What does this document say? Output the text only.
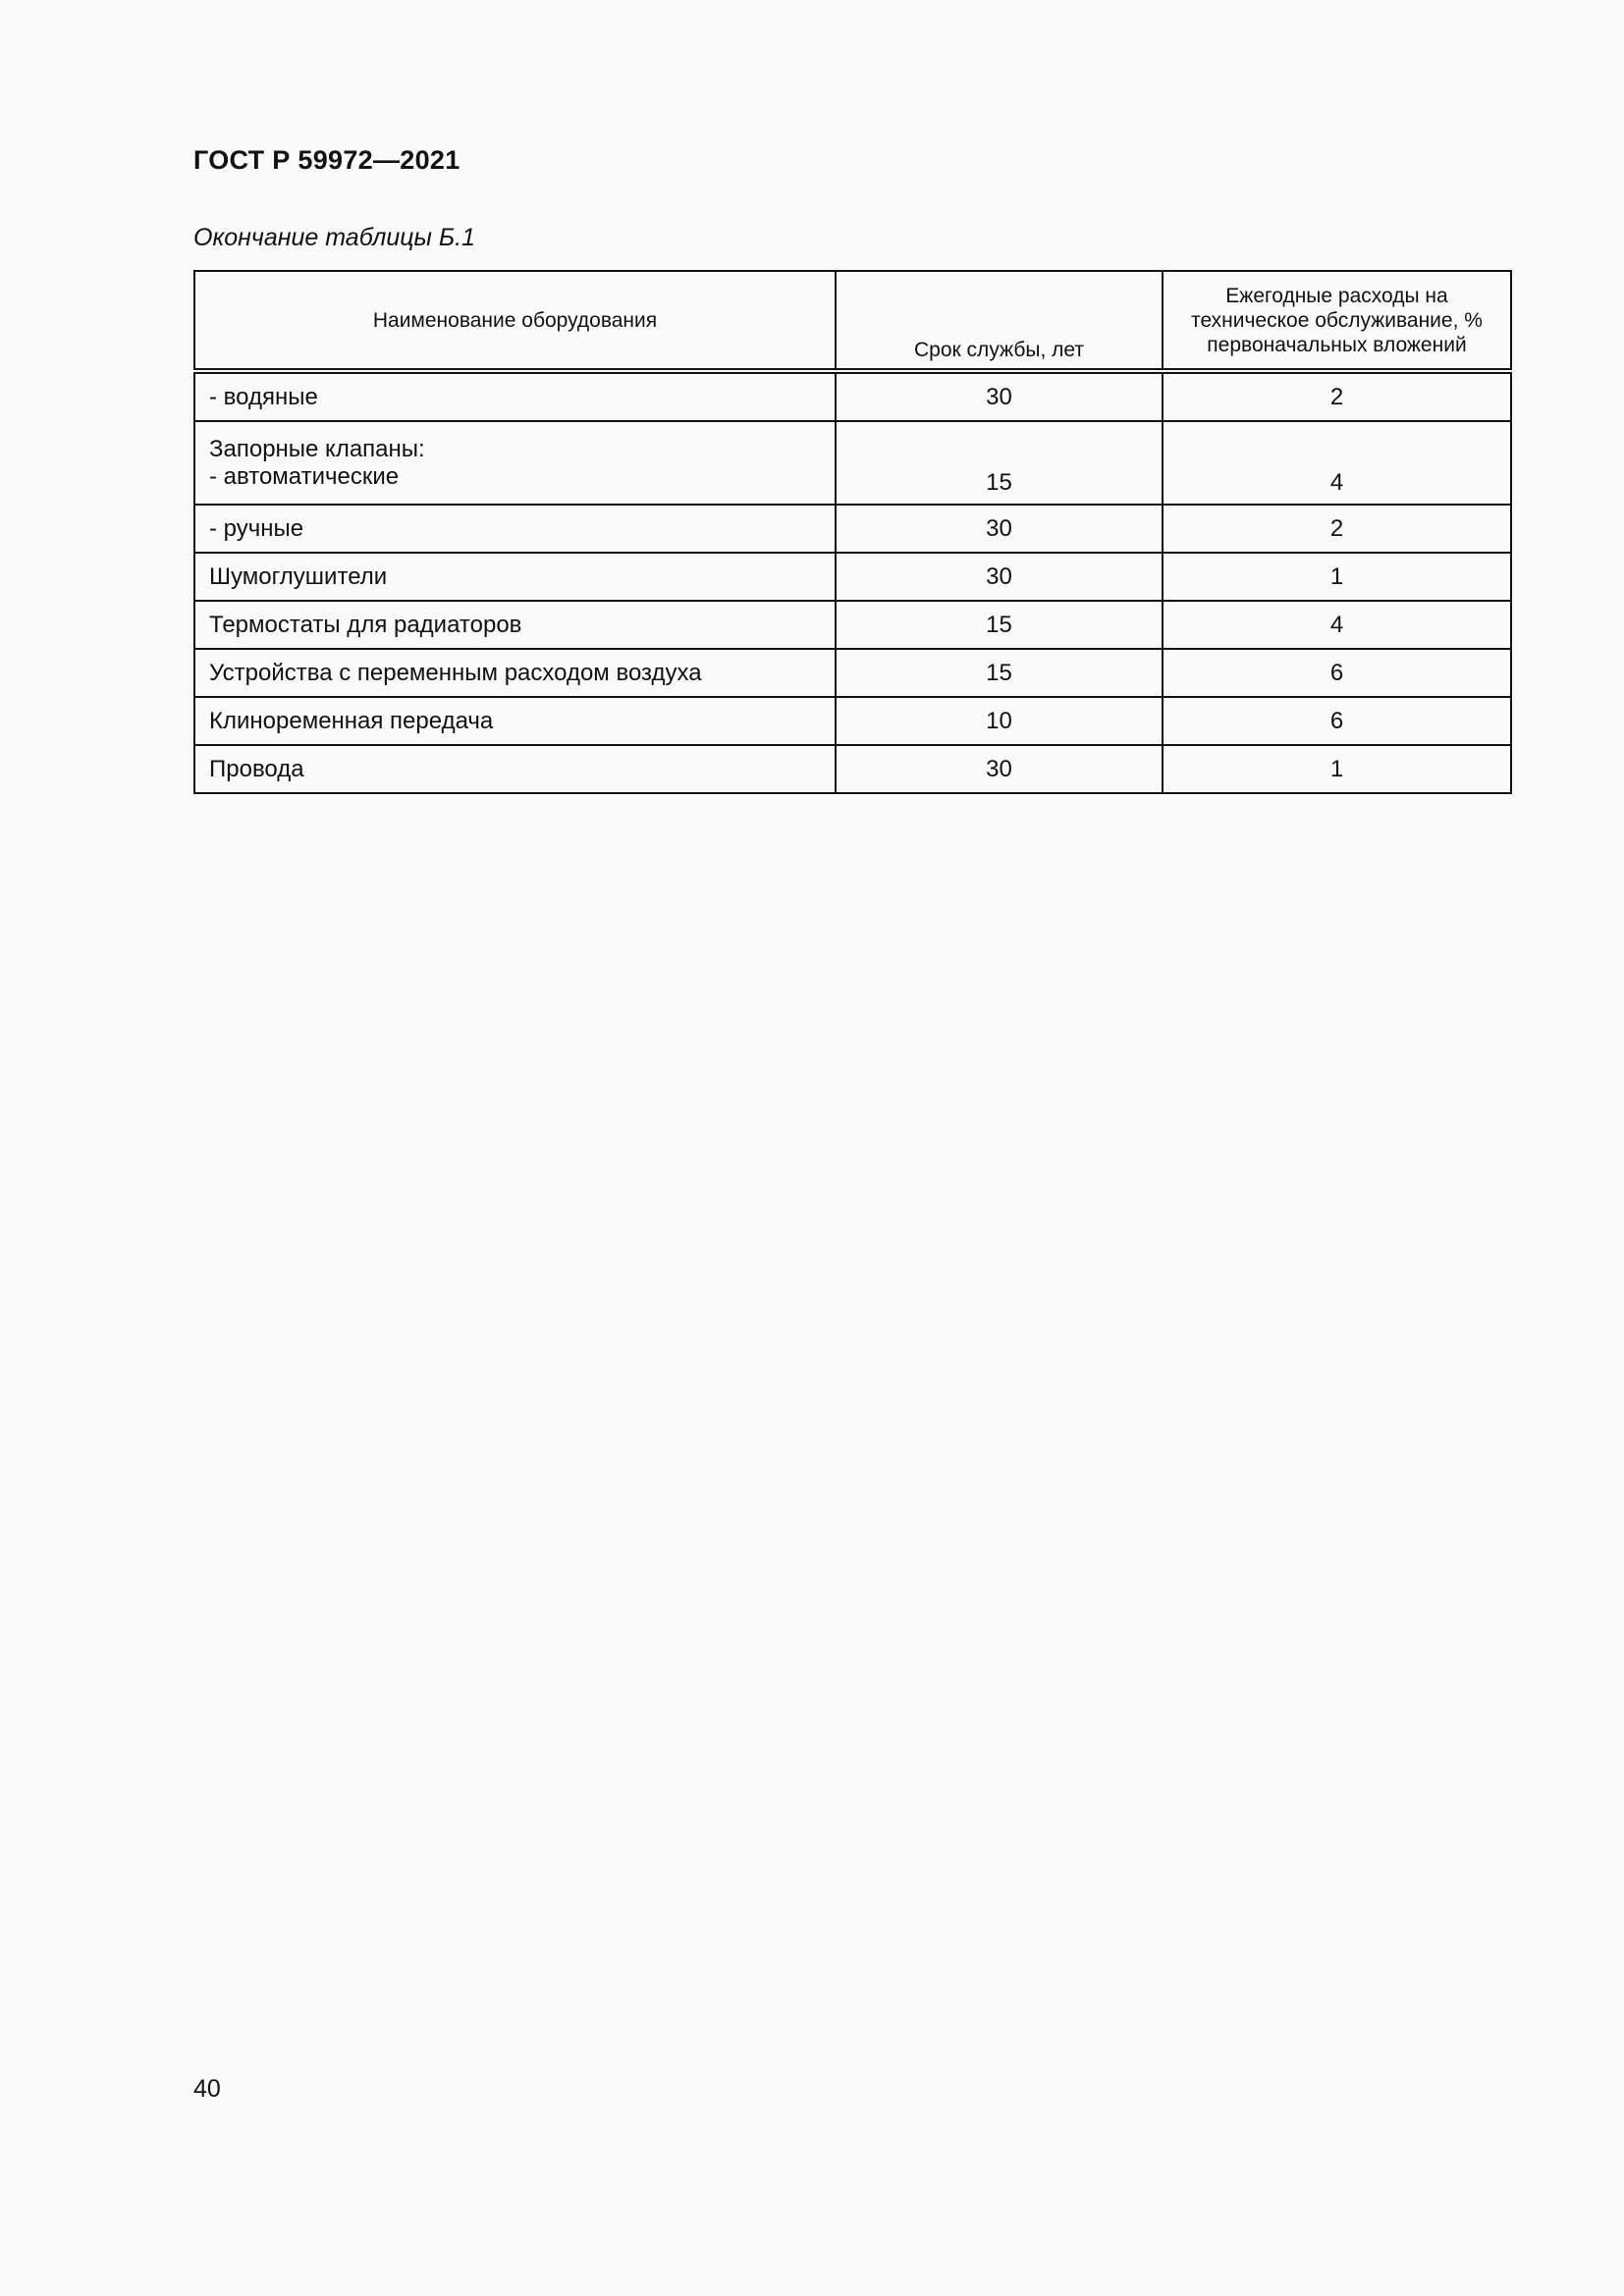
ГОСТ Р 59972—2021
Окончание таблицы Б.1
Наименование оборудования	Срок службы, лет	Ежегодные расходы на техническое обслуживание, % первоначальных вложений
- водяные	30	2

Запорные клапаны:
- автоматические	15	4
- ручные	30	2
Шумоглушители	30	1
Термостаты для радиаторов	15	4
Устройства с переменным расходом воздуха	15	6
Клиноременная передача	10	6
Провода	30	1
40
